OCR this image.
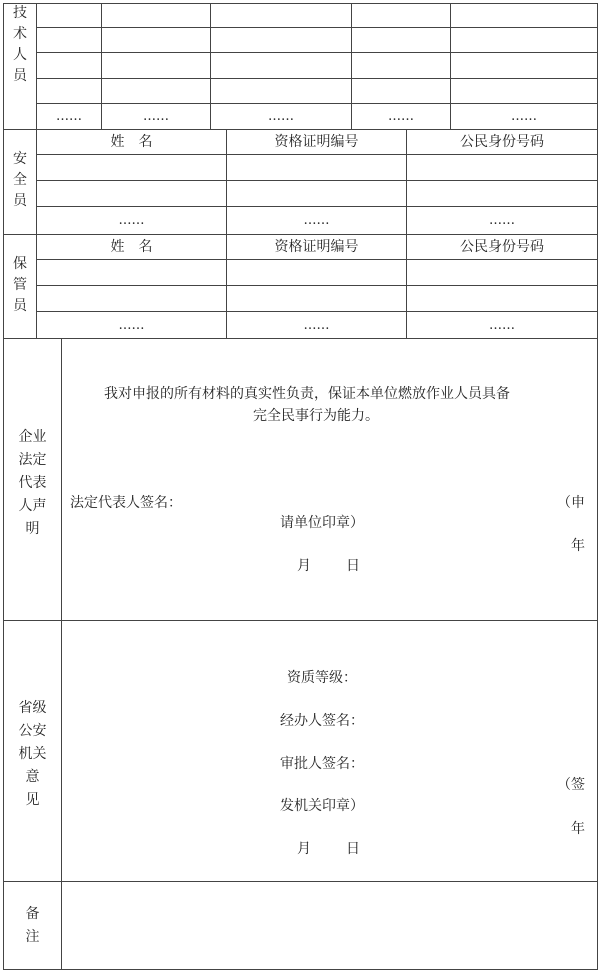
技
术
人
员
……	……	……	……	……
安
全
员
姓　名	资格证明编号	公民身份号码
……	……	……
保
管
员
姓　名	资格证明编号	公民身份号码
……	……	……
企业
法定
代表
人声
明
我对申报的所有材料的真实性负责，保证本单位燃放作业人员具备
完全民事行为能力。
法定代表人签名：	（申
请单位印章）
年
月	日
省级
公安
机关
意
见
资质等级：
经办人签名：
审批人签名：
（签
发机关印章）
年
月	日
备
注
